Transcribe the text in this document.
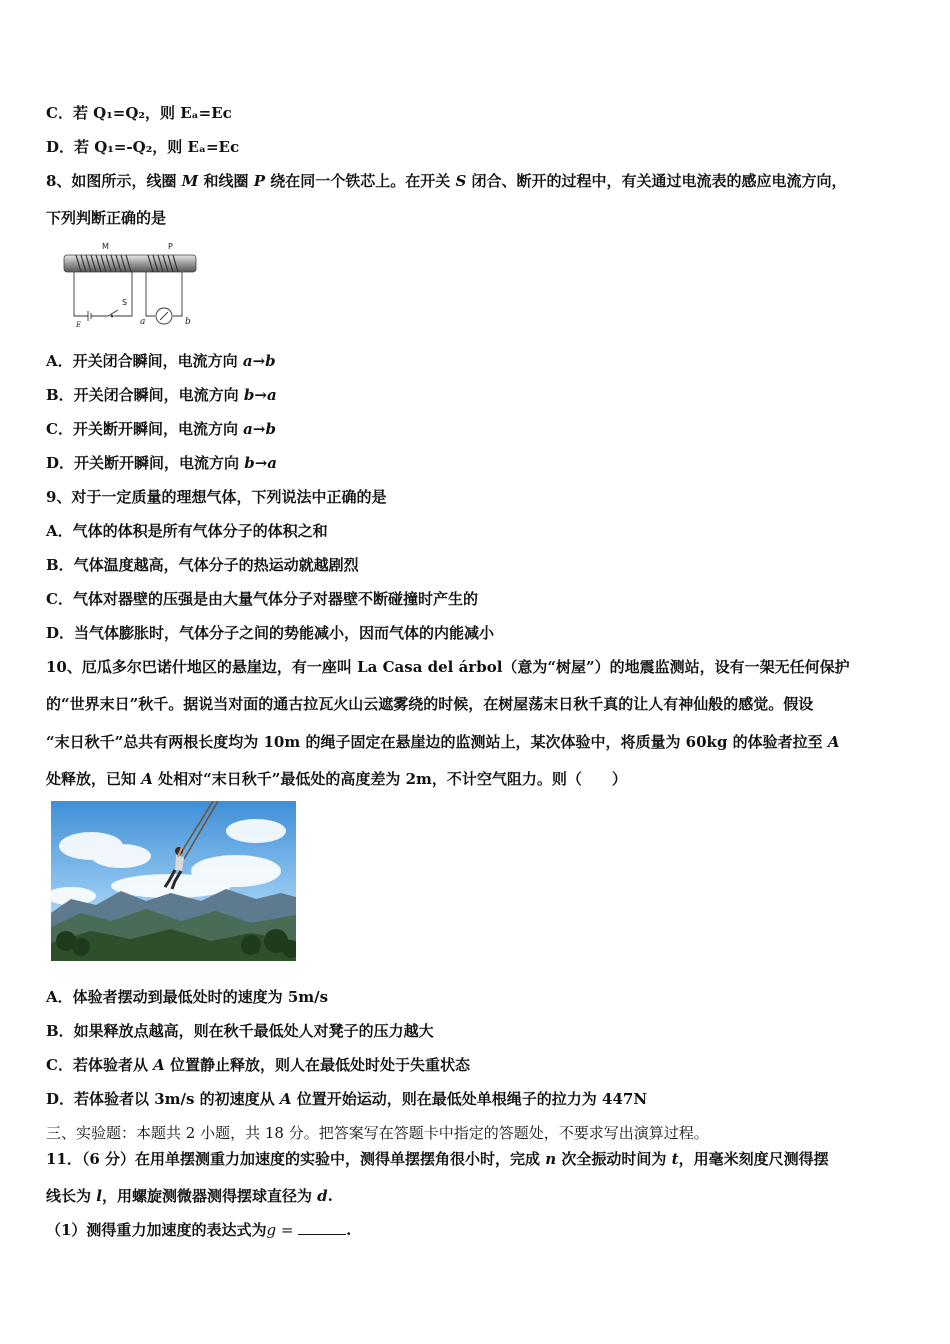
C．若 Q₁=Q₂，则 Eₐ=Eᴄ
D．若 Q₁=-Q₂，则 Eₐ=Eᴄ
8、如图所示，线圈 M 和线圈 P 绕在同一个铁芯上。在开关 S 闭合、断开的过程中，有关通过电流表的感应电流方向，
下列判断正确的是
M	P
S
E	a	b
A．开关闭合瞬间，电流方向 a→b
B．开关闭合瞬间，电流方向 b→a
C．开关断开瞬间，电流方向 a→b
D．开关断开瞬间，电流方向 b→a
9、对于一定质量的理想气体，下列说法中正确的是
A．气体的体积是所有气体分子的体积之和
B．气体温度越高，气体分子的热运动就越剧烈
C．气体对器壁的压强是由大量气体分子对器壁不断碰撞时产生的
D．当气体膨胀时，气体分子之间的势能减小，因而气体的内能减小
10、厄瓜多尔巴诺什地区的悬崖边，有一座叫 La Casa del árbol（意为“树屋”）的地震监测站，设有一架无任何保护
的“世界末日”秋千。据说当对面的通古拉瓦火山云遮雾绕的时候，在树屋荡末日秋千真的让人有神仙般的感觉。假设
“末日秋千”总共有两根长度均为 10m 的绳子固定在悬崖边的监测站上，某次体验中，将质量为 60kg 的体验者拉至 A
处释放，已知 A 处相对“末日秋千”最低处的高度差为 2m，不计空气阻力。则（　　）
A．体验者摆动到最低处时的速度为 5m/s
B．如果释放点越高，则在秋千最低处人对凳子的压力越大
C．若体验者从 A 位置静止释放，则人在最低处时处于失重状态
D．若体验者以 3m/s 的初速度从 A 位置开始运动，则在最低处单根绳子的拉力为 447N
三、实验题：本题共 2 小题，共 18 分。把答案写在答题卡中指定的答题处，不要求写出演算过程。
11．（6 分）在用单摆测重力加速度的实验中，测得单摆摆角很小时，完成 n 次全振动时间为 t，用毫米刻度尺测得摆
线长为 l，用螺旋测微器测得摆球直径为 d.
（1）测得重力加速度的表达式为g =	.
